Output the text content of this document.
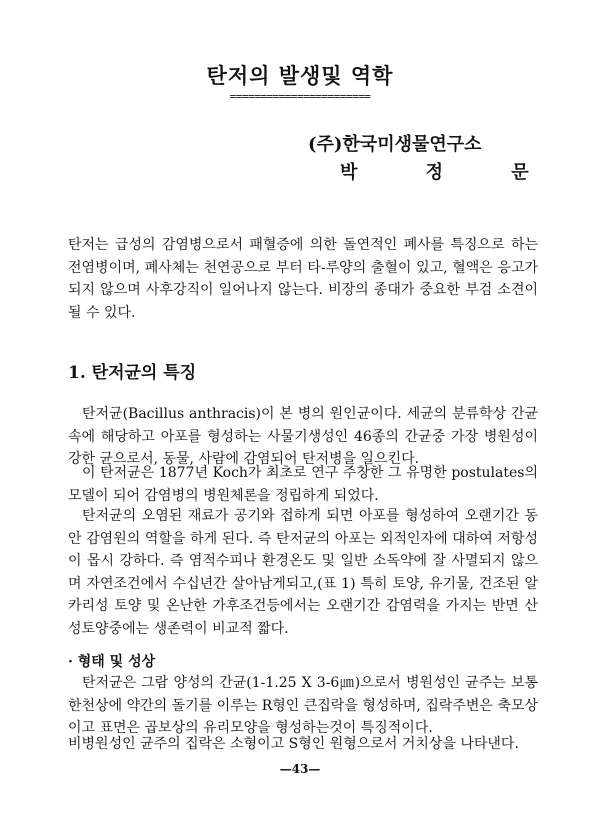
탄저의 발생및 역학
=======================
(주)한국미생물연구소
박 정 문

탄저는 급성의 감염병으로서 패혈증에 의한 돌연적인 폐사를 특징으로 하는 전염병이며, 폐사체는 천연공으로 부터 타-루양의 출혈이 있고, 혈액은 응고가 되지 않으며 사후강직이 일어나지 않는다. 비장의 종대가 중요한 부검 소견이 될 수 있다.

1. 탄저균의 특징

탄저균(Bacillus anthracis)이 본 병의 원인균이다. 세균의 분류학상 간균속에 해당하고 아포를 형성하는 사물기생성인 46종의 간균중 가장 병원성이 강한 균으로서, 동물, 사람에 감염되어 탄저병을 일으킨다.

이 탄저균은 1877년 Koch가 최초로 연구 주창한 그 유명한 postulates의 모델이 되어 감염병의 병원체론을 정립하게 되었다.

탄저균의 오염된 재료가 공기와 접하게 되면 아포를 형성하여 오랜기간 동안 감염원의 역할을 하게 된다. 즉 탄저균의 아포는 외적인자에 대하여 저항성이 몹시 강하다. 즉 염적수피나 환경온도 및 일반 소독약에 잘 사멸되지 않으며 자연조건에서 수십년간 살아남게되고,(표 1) 특히 토양, 유기물, 건조된 알카리성 토양 및 온난한 가후조건등에서는 오랜기간 감염력을 가지는 반면 산성토양중에는 생존력이 비교적 짧다.

· 형태 및 성상

탄저균은 그람 양성의 간균(1-1.25 X 3-6㎛)으로서 병원성인 균주는 보통 한천상에 약간의 돌기를 이루는 R형인 큰집락을 형성하며, 집락주변은 축모상이고 표면은 곱보상의 유리모양을 형성하는것이 특징적이다.

비병원성인 균주의 집락은 소형이고 S형인 원형으로서 거치상을 나타낸다.

—43—
